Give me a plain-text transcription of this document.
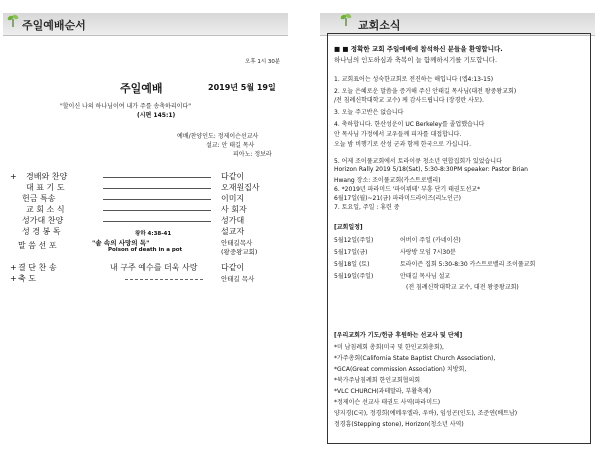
주일예배순서
오후 1시 30분
주일예배	2019년 5월 19일
"할이신 나의 하나님이여 내가 주를 송축하리이다"
(시편 145:1)
예배/찬양인도: 정제이슨선교사
설교: 안 태길 목사
피아노: 정보라
+ 경배와 찬양	다같이
대 표 기 도	오재원집사
헌금 특송	이미지
교 회 소 식	사 회자
성가대 찬양	성가대
성 경 봉 독	왕하 4:38-41	설교자
말 씀 선 포	"솥 속의 사망의 독"
Poison of death in a pot
안태길목사
(왕중왕교회)
+ 결 단 찬 송	내 구주 예수를 더욱 사랑	다같이
+ 축 도	안태길 목사
교회소식
■ ■ 정확한 교회 주일예배에 참석하신 분들을 환영합니다.
하나님의 인도하심과 축복이 늘 함께하시기를 기도합니다.
1. 교회표어는 성숙한교회로 전진하는 해입니다 (엡4:13-15)
2. 오늘 은혜로운 말씀을 증거해 주신 안태길 목사님(대전 왕중왕교회)
/전 침례신학대학교 교수) 께 감사드립니다 (장경란 사모).
3. 오늘 주고반은 없습니다
4. 축하합니다. 한산성운이 UC Berkeley를 졸업했습니다
안 목사님 가정에서 교우들께 피자를 대접합니다.
오늘 밤 비행기로 산성 군과 함께 한국으로 가십니다.
5. 어제 조이풀교회에서 토라이큐 청소년 연합집회가 있었습니다
Horizon Rally 2019 5/18(Sat), 5:30-8:30PM speaker: Pastor Brian
Hwang 장소: 조이풀교회(카스트로밸리)
6. *2019년 파라미드 '파이뷔테' 부흥 단기 태권도선교*
6월17일(월)~21(금) 파라미드라이즈(리노인근)
7. 토요일, 주일 : 휴련 중
[교회일정]
5월12일(주일)	어버이 주일 (카네이션)
5월17일(금)	사랑방 모임 7시30분
5월18일 (토)	토라이즌 집회 5:30-8:30 카스트로밸리 조이풀교회
5월19일(주일)	안태길 목사님 설교
(전 침례신학대학교 교수, 대전 왕중왕교회)
[우리교회가 기도/헌금 후원하는 선교사 및 단체]
*미 남침례회 총회(미국 및 한인교회총회),
*가주총회(California State Baptist Church Association),
*GCA(Great commission Association) 치방회,
*북가주남침례회 한인교회협의회
*VLC CHURCH(과테말라, 부활축제)
*정제이슨 선교사 태권도 사역(파라미드)
양지경(C국), 정경희(예메우엘라, 우바), 임성곤(인도), 조준연(베트남)
정경흠(Stepping stone), Horizon(청소년 사역)
